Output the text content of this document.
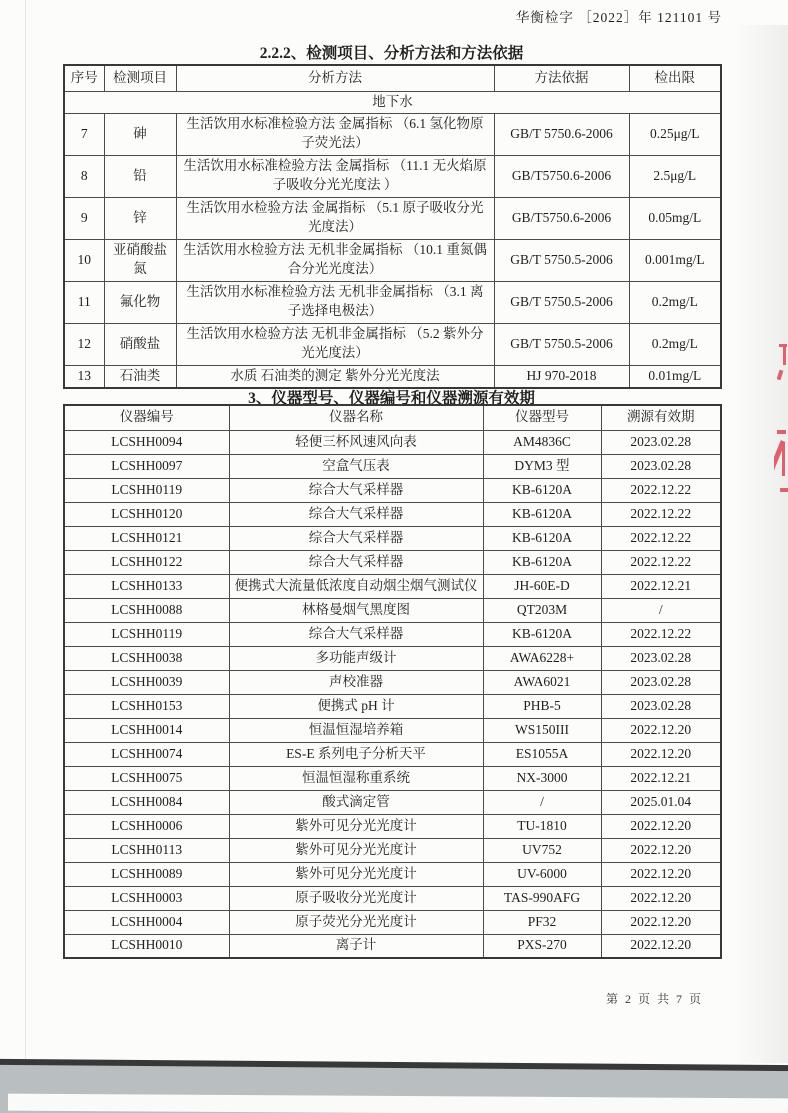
华衡检字 ［2022］年 121101 号
2.2.2、检测项目、分析方法和方法依据
序号	检测项目	分析方法	方法依据	检出限
地下水				
7	砷	生活饮用水标准检验方法 金属指标 （6.1 氢化物原子荧光法）	GB/T 5750.6-2006	0.25μg/L
8	铅	生活饮用水标准检验方法 金属指标 （11.1 无火焰原子吸收分光光度法 ）	GB/T5750.6-2006	2.5μg/L
9	锌	生活饮用水检验方法 金属指标 （5.1 原子吸收分光光度法）	GB/T5750.6-2006	0.05mg/L
10	亚硝酸盐氮	生活饮用水检验方法 无机非金属指标 （10.1 重氮偶合分光光度法）	GB/T 5750.5-2006	0.001mg/L
11	氟化物	生活饮用水标准检验方法 无机非金属指标 （3.1 离子选择电极法）	GB/T 5750.5-2006	0.2mg/L
12	硝酸盐	生活饮用水检验方法 无机非金属指标 （5.2 紫外分光光度法）	GB/T 5750.5-2006	0.2mg/L
13	石油类	水质 石油类的测定 紫外分光光度法	HJ 970-2018	0.01mg/L
3、仪器型号、仪器编号和仪器溯源有效期
仪器编号	仪器名称	仪器型号	溯源有效期
LCSHH0094	轻便三杯风速风向表	AM4836C	2023.02.28
LCSHH0097	空盒气压表	DYM3 型	2023.02.28
LCSHH0119	综合大气采样器	KB-6120A	2022.12.22
LCSHH0120	综合大气采样器	KB-6120A	2022.12.22
LCSHH0121	综合大气采样器	KB-6120A	2022.12.22
LCSHH0122	综合大气采样器	KB-6120A	2022.12.22
LCSHH0133	便携式大流量低浓度自动烟尘烟气测试仪	JH-60E-D	2022.12.21
LCSHH0088	林格曼烟气黑度图	QT203M	/
LCSHH0119	综合大气采样器	KB-6120A	2022.12.22
LCSHH0038	多功能声级计	AWA6228+	2023.02.28
LCSHH0039	声校准器	AWA6021	2023.02.28
LCSHH0153	便携式 pH 计	PHB-5	2023.02.28
LCSHH0014	恒温恒湿培养箱	WS150III	2022.12.20
LCSHH0074	ES-E 系列电子分析天平	ES1055A	2022.12.20
LCSHH0075	恒温恒湿称重系统	NX-3000	2022.12.21
LCSHH0084	酸式滴定管	/	2025.01.04
LCSHH0006	紫外可见分光光度计	TU-1810	2022.12.20
LCSHH0113	紫外可见分光光度计	UV752	2022.12.20
LCSHH0089	紫外可见分光光度计	UV-6000	2022.12.20
LCSHH0003	原子吸收分光光度计	TAS-990AFG	2022.12.20
LCSHH0004	原子荧光分光光度计	PF32	2022.12.20
LCSHH0010	离子计	PXS-270	2022.12.20
第 2 页 共 7 页
